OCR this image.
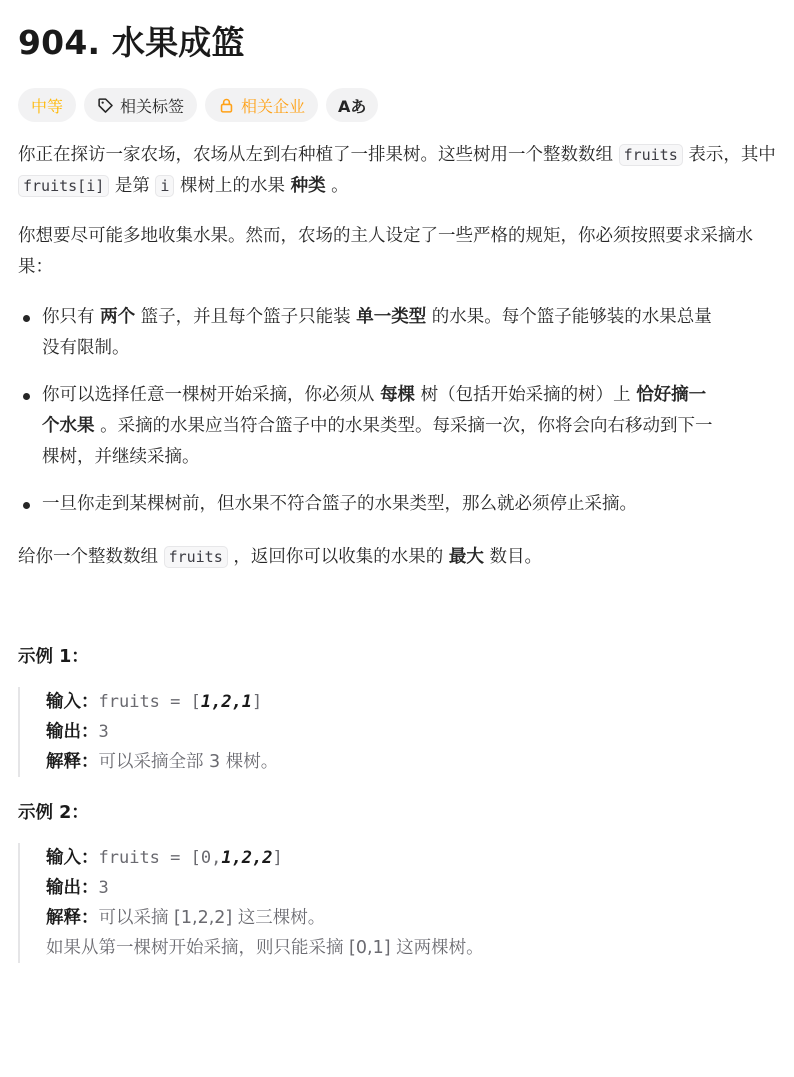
904. 水果成篮
中等	相关标签	相关企业 Aあ

你正在探访一家农场，农场从左到右种植了一排果树。这些树用一个整数数组 fruits 表示，其中 fruits[i] 是第 i 棵树上的水果 种类 。

你想要尽可能多地收集水果。然而，农场的主人设定了一些严格的规矩，你必须按照要求采摘水果：

你只有 两个 篮子，并且每个篮子只能装 单一类型 的水果。每个篮子能够装的水果总量没有限制。
你可以选择任意一棵树开始采摘，你必须从 每棵 树（包括开始采摘的树）上 恰好摘一个水果 。采摘的水果应当符合篮子中的水果类型。每采摘一次，你将会向右移动到下一棵树，并继续采摘。
一旦你走到某棵树前，但水果不符合篮子的水果类型，那么就必须停止采摘。

给你一个整数数组 fruits ，返回你可以收集的水果的 最大 数目。

示例 1：
输入：fruits = [1,2,1]
输出：3
解释：可以采摘全部 3 棵树。
示例 2：
输入：fruits = [0,1,2,2]
输出：3
解释：可以采摘 [1,2,2] 这三棵树。
如果从第一棵树开始采摘，则只能采摘 [0,1] 这两棵树。
